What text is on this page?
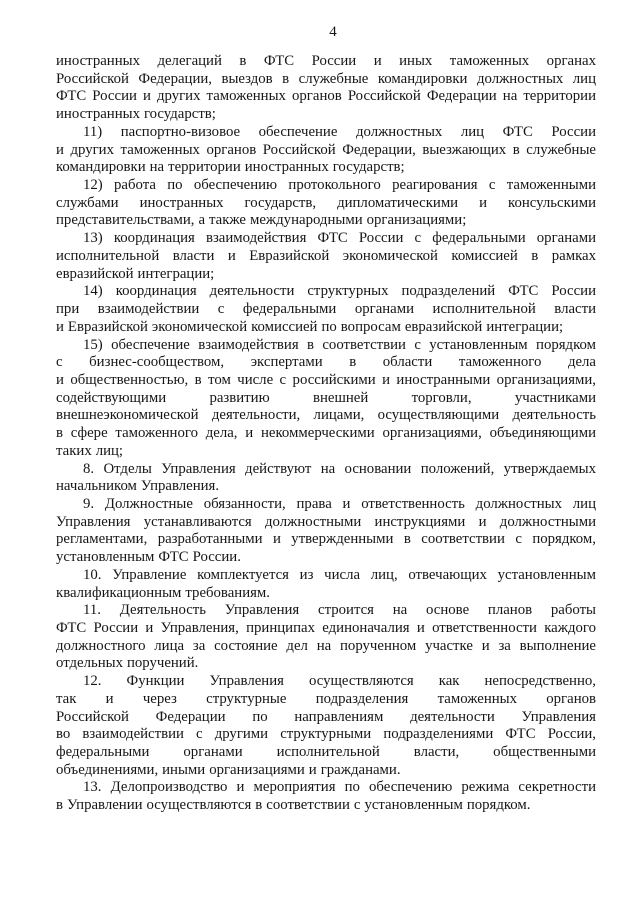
4
иностранных делегаций в ФТС России и иных таможенных органах
Российской Федерации, выездов в служебные командировки должностных лиц
ФТС России и других таможенных органов Российской Федерации на территории
иностранных государств;
11) паспортно-визовое обеспечение должностных лиц ФТС России
и других таможенных органов Российской Федерации, выезжающих в служебные
командировки на территории иностранных государств;
12) работа по обеспечению протокольного реагирования с таможенными
службами иностранных государств, дипломатическими и консульскими
представительствами, а также международными организациями;
13) координация взаимодействия ФТС России с федеральными органами
исполнительной власти и Евразийской экономической комиссией в рамках
евразийской интеграции;
14) координация деятельности структурных подразделений ФТС России
при взаимодействии с федеральными органами исполнительной власти
и Евразийской экономической комиссией по вопросам евразийской интеграции;
15) обеспечение взаимодействия в соответствии с установленным порядком
с бизнес-сообществом, экспертами в области таможенного дела
и общественностью, в том числе с российскими и иностранными организациями,
содействующими развитию внешней торговли, участниками
внешнеэкономической деятельности, лицами, осуществляющими деятельность
в сфере таможенного дела, и некоммерческими организациями, объединяющими
таких лиц;
8. Отделы Управления действуют на основании положений, утверждаемых
начальником Управления.
9. Должностные обязанности, права и ответственность должностных лиц
Управления устанавливаются должностными инструкциями и должностными
регламентами, разработанными и утвержденными в соответствии с порядком,
установленным ФТС России.
10. Управление комплектуется из числа лиц, отвечающих установленным
квалификационным требованиям.
11. Деятельность Управления строится на основе планов работы
ФТС России и Управления, принципах единоначалия и ответственности каждого
должностного лица за состояние дел на порученном участке и за выполнение
отдельных поручений.
12. Функции Управления осуществляются как непосредственно,
так и через структурные подразделения таможенных органов
Российской Федерации по направлениям деятельности Управления
во взаимодействии с другими структурными подразделениями ФТС России,
федеральными органами исполнительной власти, общественными
объединениями, иными организациями и гражданами.
13. Делопроизводство и мероприятия по обеспечению режима секретности
в Управлении осуществляются в соответствии с установленным порядком.
